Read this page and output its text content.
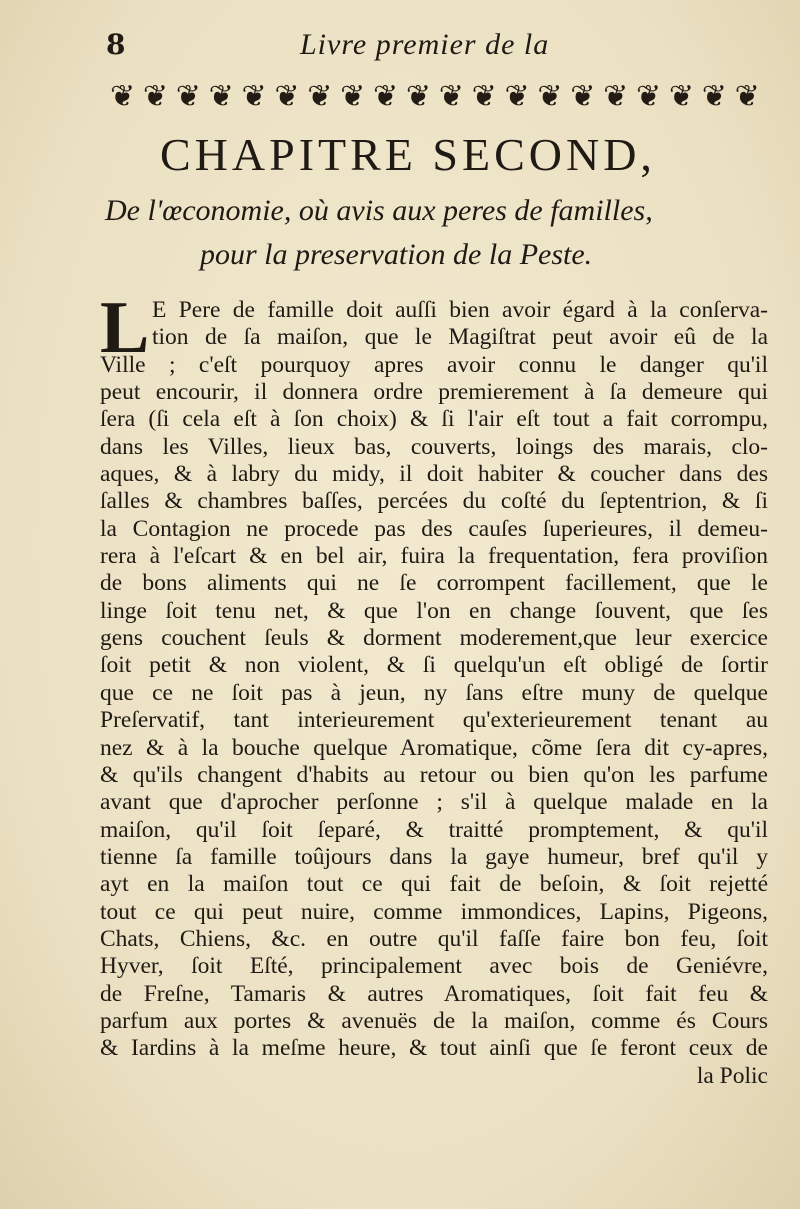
8	Livre premier de la
❦ ❦ ❦ ❦ ❦ ❦ ❦ ❦ ❦ ❦ ❦ ❦ ❦ ❦ ❦ ❦ ❦ ❦ ❦ ❦
CHAPITRE SECOND,
De l'œconomie, où avis aux peres de familles,
pour la preservation de la Peste.
L E Pere de famille doit auſſi bien avoir égard à la conſerva-
tion de ſa maiſon, que le Magiſtrat peut avoir eû de la
Ville ; c'eſt pourquoy apres avoir connu le danger qu'il
peut encourir, il donnera ordre premierement à ſa demeure qui
ſera (ſi cela eſt à ſon choix) & ſi l'air eſt tout a fait corrompu,
dans les Villes, lieux bas, couverts, loings des marais, clo-
aques, & à labry du midy, il doit habiter & coucher dans des
ſalles & chambres baſſes, percées du coſté du ſeptentrion, & ſi
la Contagion ne procede pas des cauſes ſuperieures, il demeu-
rera à l'eſcart & en bel air, fuira la frequentation, fera proviſion
de bons aliments qui ne ſe corrompent facillement, que le
linge ſoit tenu net, & que l'on en change ſouvent, que ſes
gens couchent ſeuls & dorment moderement,que leur exercice
ſoit petit & non violent, & ſi quelqu'un eſt obligé de ſortir
que ce ne ſoit pas à jeun, ny ſans eſtre muny de quelque
Preſervatif, tant interieurement qu'exterieurement tenant au
nez & à la bouche quelque Aromatique, cõme ſera dit cy-apres,
& qu'ils changent d'habits au retour ou bien qu'on les parfume
avant que d'aprocher perſonne ; s'il à quelque malade en la
maiſon, qu'il ſoit ſeparé, & traitté promptement, & qu'il
tienne ſa famille toûjours dans la gaye humeur, bref qu'il y
ayt en la maiſon tout ce qui fait de beſoin, & ſoit rejetté
tout ce qui peut nuire, comme immondices, Lapins, Pigeons,
Chats, Chiens, &c. en outre qu'il faſſe faire bon feu, ſoit
Hyver, ſoit Eſté, principalement avec bois de Geniévre,
de Freſne, Tamaris & autres Aromatiques, ſoit fait feu &
parfum aux portes & avenuës de la maiſon, comme és Cours
& Iardins à la meſme heure, & tout ainſi que ſe feront ceux de
la Polic
